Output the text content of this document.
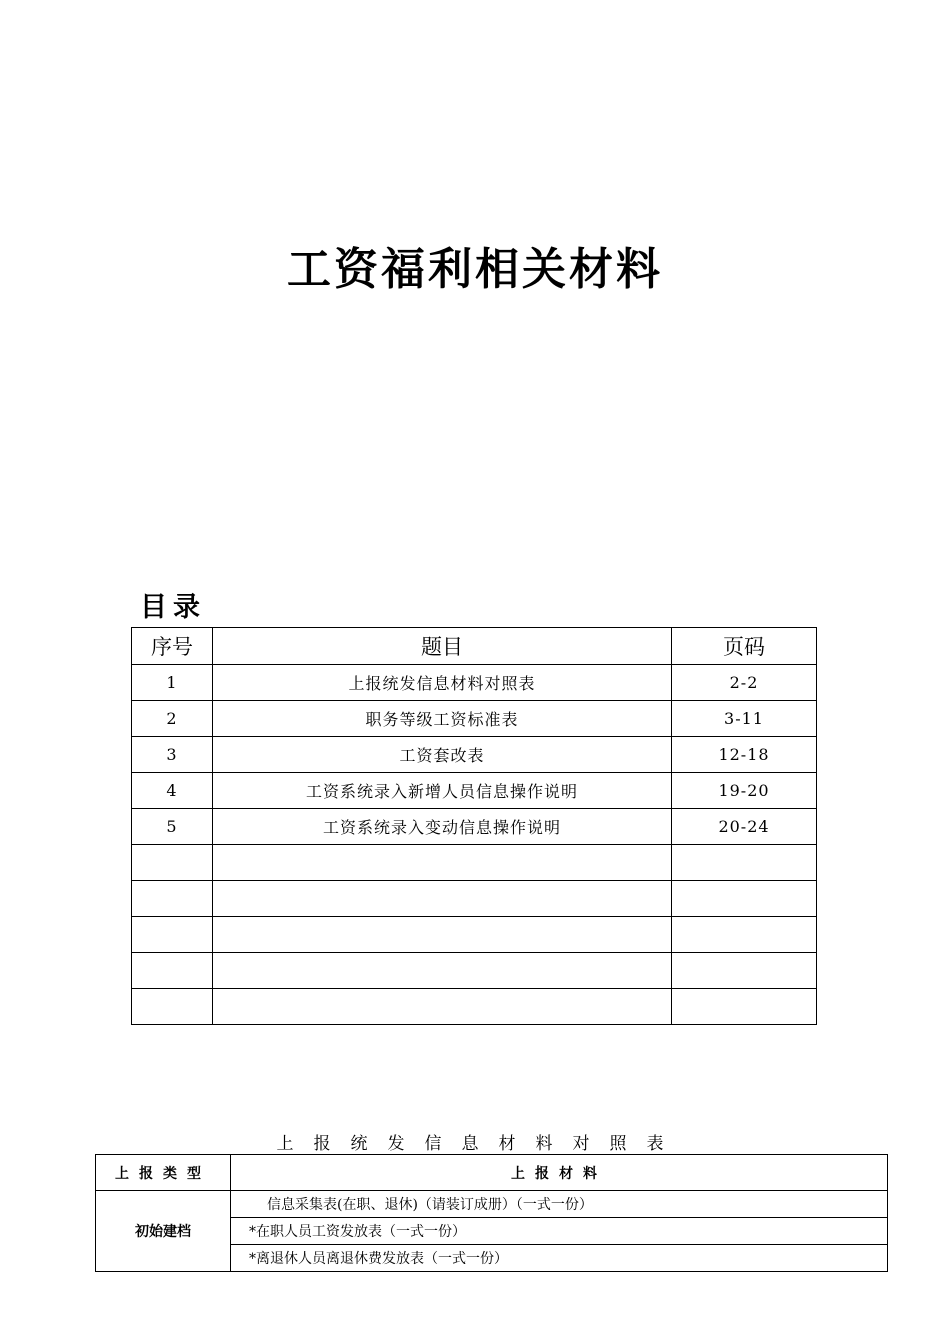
工资福利相关材料
目录
序号	题目	页码
1	上报统发信息材料对照表	2-2
2	职务等级工资标准表	3-11
3	工资套改表	12-18
4	工资系统录入新增人员信息操作说明	19-20
5	工资系统录入变动信息操作说明	20-24

上报统发信息材料对照表
上报类型	上报材料
初始建档	信息采集表(在职、退休)（请装订成册）（一式一份）
	*在职人员工资发放表（一式一份）
	*离退休人员离退休费发放表（一式一份）
